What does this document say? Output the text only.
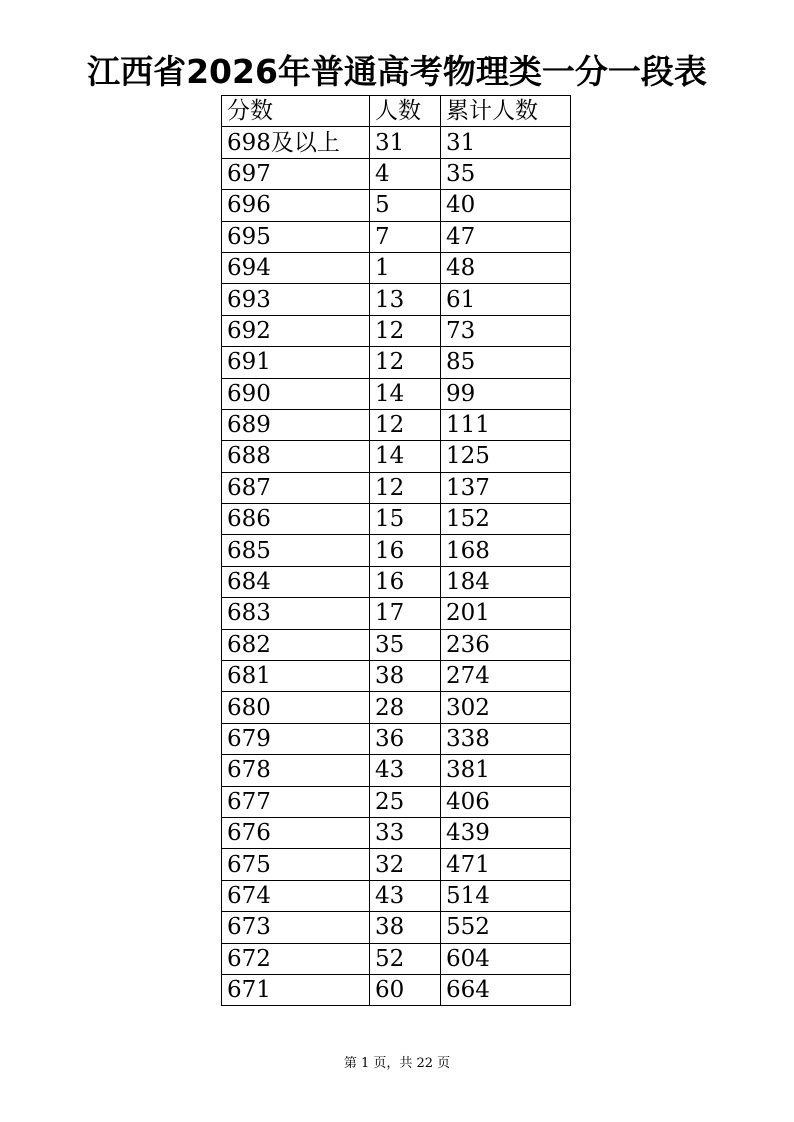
江西省2026年普通高考物理类一分一段表
分数	人数	累计人数
698及以上	31	31
697	4	35
696	5	40
695	7	47
694	1	48
693	13	61
692	12	73
691	12	85
690	14	99
689	12	111
688	14	125
687	12	137
686	15	152
685	16	168
684	16	184
683	17	201
682	35	236
681	38	274
680	28	302
679	36	338
678	43	381
677	25	406
676	33	439
675	32	471
674	43	514
673	38	552
672	52	604
671	60	664
第 1 页，共 22 页
